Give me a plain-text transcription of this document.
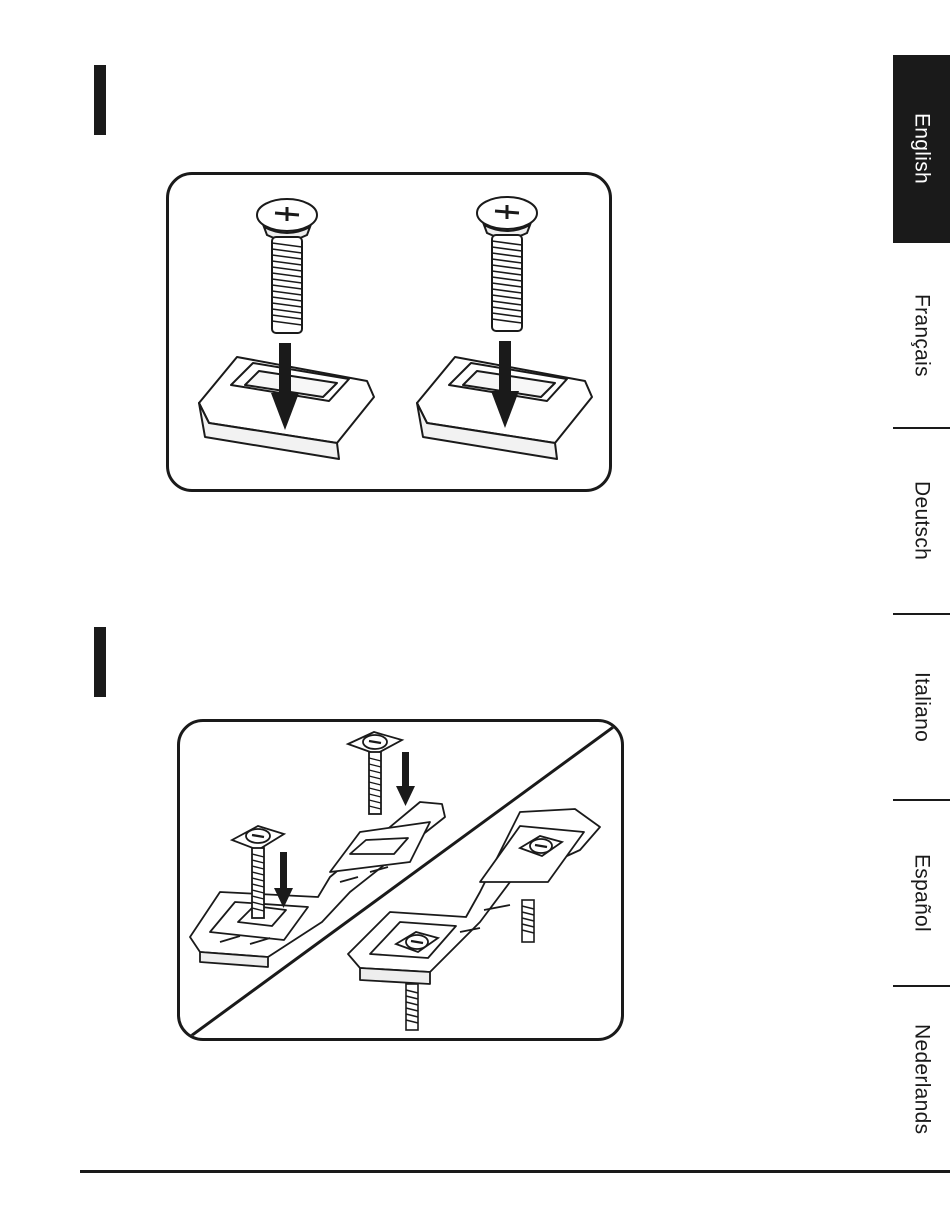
English
Français
Deutsch
Italiano
Español
Nederlands
